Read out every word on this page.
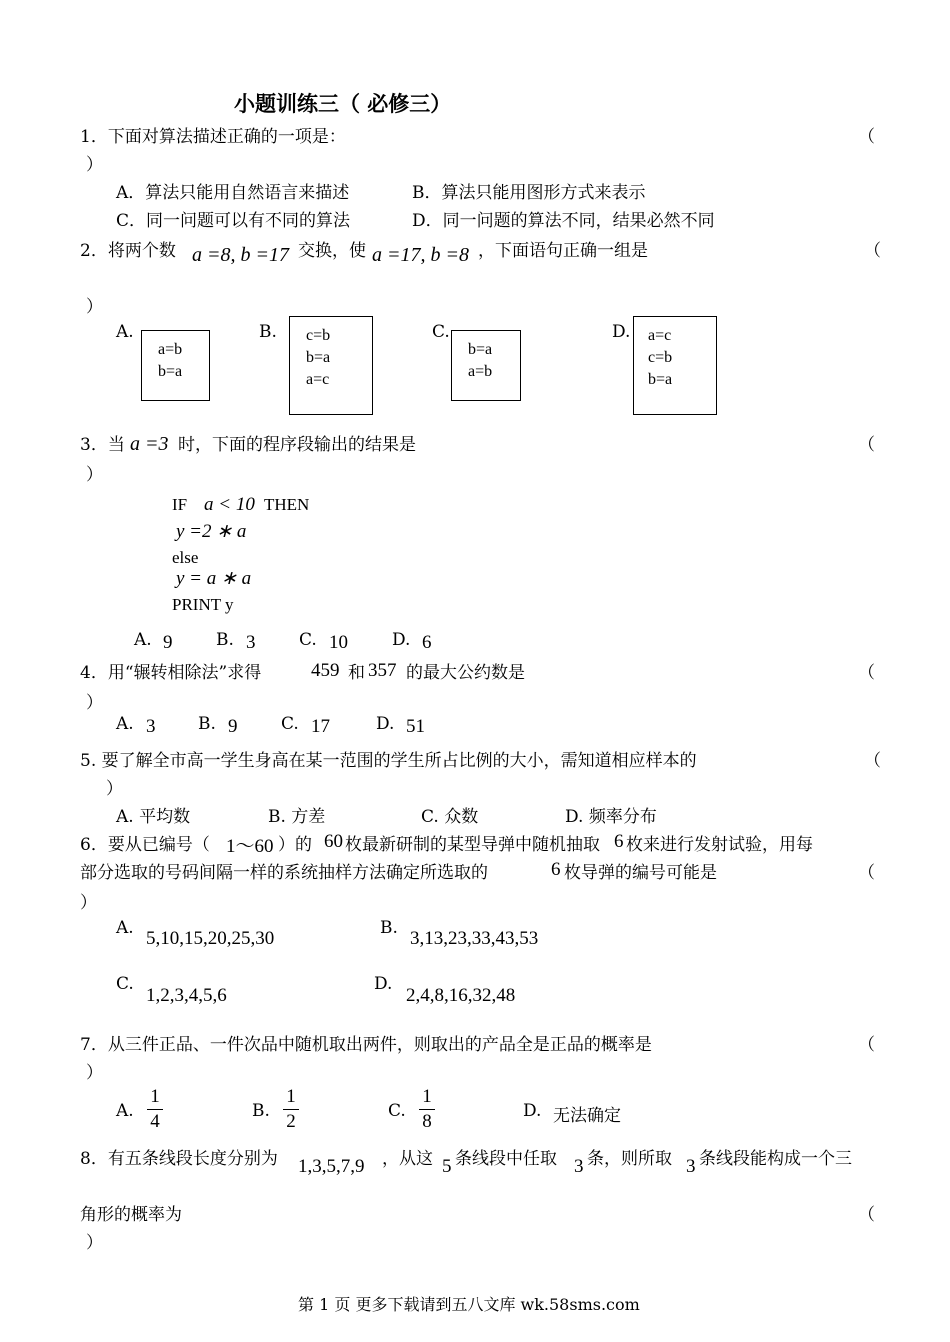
小题训练三（ 必修三）
1．下面对算法描述正确的一项是：	（
）
A．算法只能用自然语言来描述	B．算法只能用图形方式来表示
C．同一问题可以有不同的算法	D．同一问题的算法不同，结果必然不同
2．将两个数 a =8, b =17 交换，使 a =17, b =8 ，下面语句正确一组是	（
）
A.
a=b
b=a
B. c=b
b=a
a=c
C.
b=a
a=b
D. a=c
c=b
b=a
3．当 a =3 时，下面的程序段输出的结果是	（
）
IF a < 10 THEN
y =2 ∗ a
else
y = a ∗ a
PRINT y
A. 9	B. 3	C. 10	D. 6
4．用“辗转相除法”求得	459 和 357 的最大公约数是	（
）
A. 3	B. 9	C. 17	D. 51
5. 要了解全市高一学生身高在某一范围的学生所占比例的大小，需知道相应样本的	（
）
A. 平均数	B. 方差	C. 众数	D. 频率分布
6．要从已编号（ 1～60 ）的 60 枚最新研制的某型导弹中随机抽取 6 枚来进行发射试验，用每
部分选取的号码间隔一样的系统抽样方法确定所选取的	6 枚导弹的编号可能是	（
）
A. 5,10,15,20,25,30	B. 3,13,23,33,43,53
C.
1,2,3,4,5,6
D.
2,4,8,16,32,48
7．从三件正品、一件次品中随机取出两件，则取出的产品全是正品的概率是	（
）
A.
1
4	B.
1
2	C.
1
8	D. 无法确定
8．有五条线段长度分别为 1,3,5,7,9 ，从这 5 条线段中任取 3 条，则所取 3 条线段能构成一个三
角形的概率为	（
）
第 1 页 更多下载请到五八文库 wk.58sms.com
